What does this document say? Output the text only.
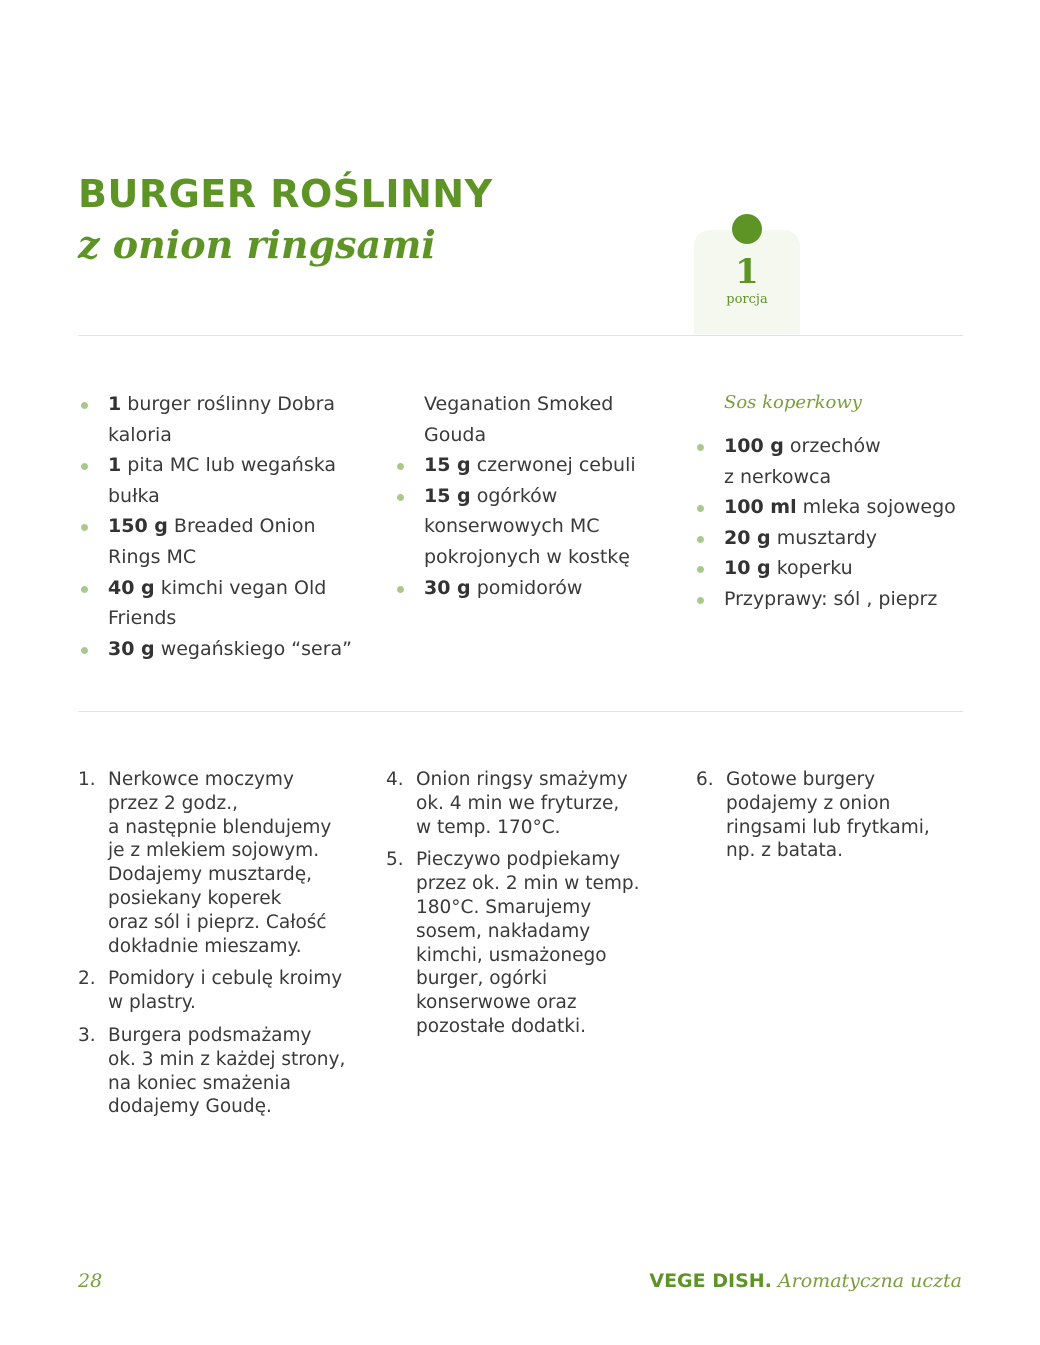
BURGER ROŚLINNY
z onion ringsami
1
porcja
1 burger roślinny Dobra
kaloria
1 pita MC lub wegańska
bułka
150 g Breaded Onion
Rings MC
40 g kimchi vegan Old
Friends
30 g wegańskiego “sera”
Veganation Smoked
Gouda
15 g czerwonej cebuli
15 g ogórków
konserwowych MC
pokrojonych w kostkę
30 g pomidorów
Sos koperkowy
100 g orzechów
z nerkowca
100 ml mleka sojowego
20 g musztardy
10 g koperku
Przyprawy: sól , pieprz
1. Nerkowce moczymy
przez 2 godz.,
a następnie blendujemy
je z mlekiem sojowym.
Dodajemy musztardę,
posiekany koperek
oraz sól i pieprz. Całość
dokładnie mieszamy.
2. Pomidory i cebulę kroimy
w plastry.
3. Burgera podsmażamy
ok. 3 min z każdej strony,
na koniec smażenia
dodajemy Goudę.
4. Onion ringsy smażymy
ok. 4 min we fryturze,
w temp. 170°C.
5. Pieczywo podpiekamy
przez ok. 2 min w temp.
180°C. Smarujemy
sosem, nakładamy
kimchi, usmażonego
burger, ogórki
konserwowe oraz
pozostałe dodatki.
6. Gotowe burgery
podajemy z onion
ringsami lub frytkami,
np. z batata.
28	VEGE DISH. Aromatyczna uczta
